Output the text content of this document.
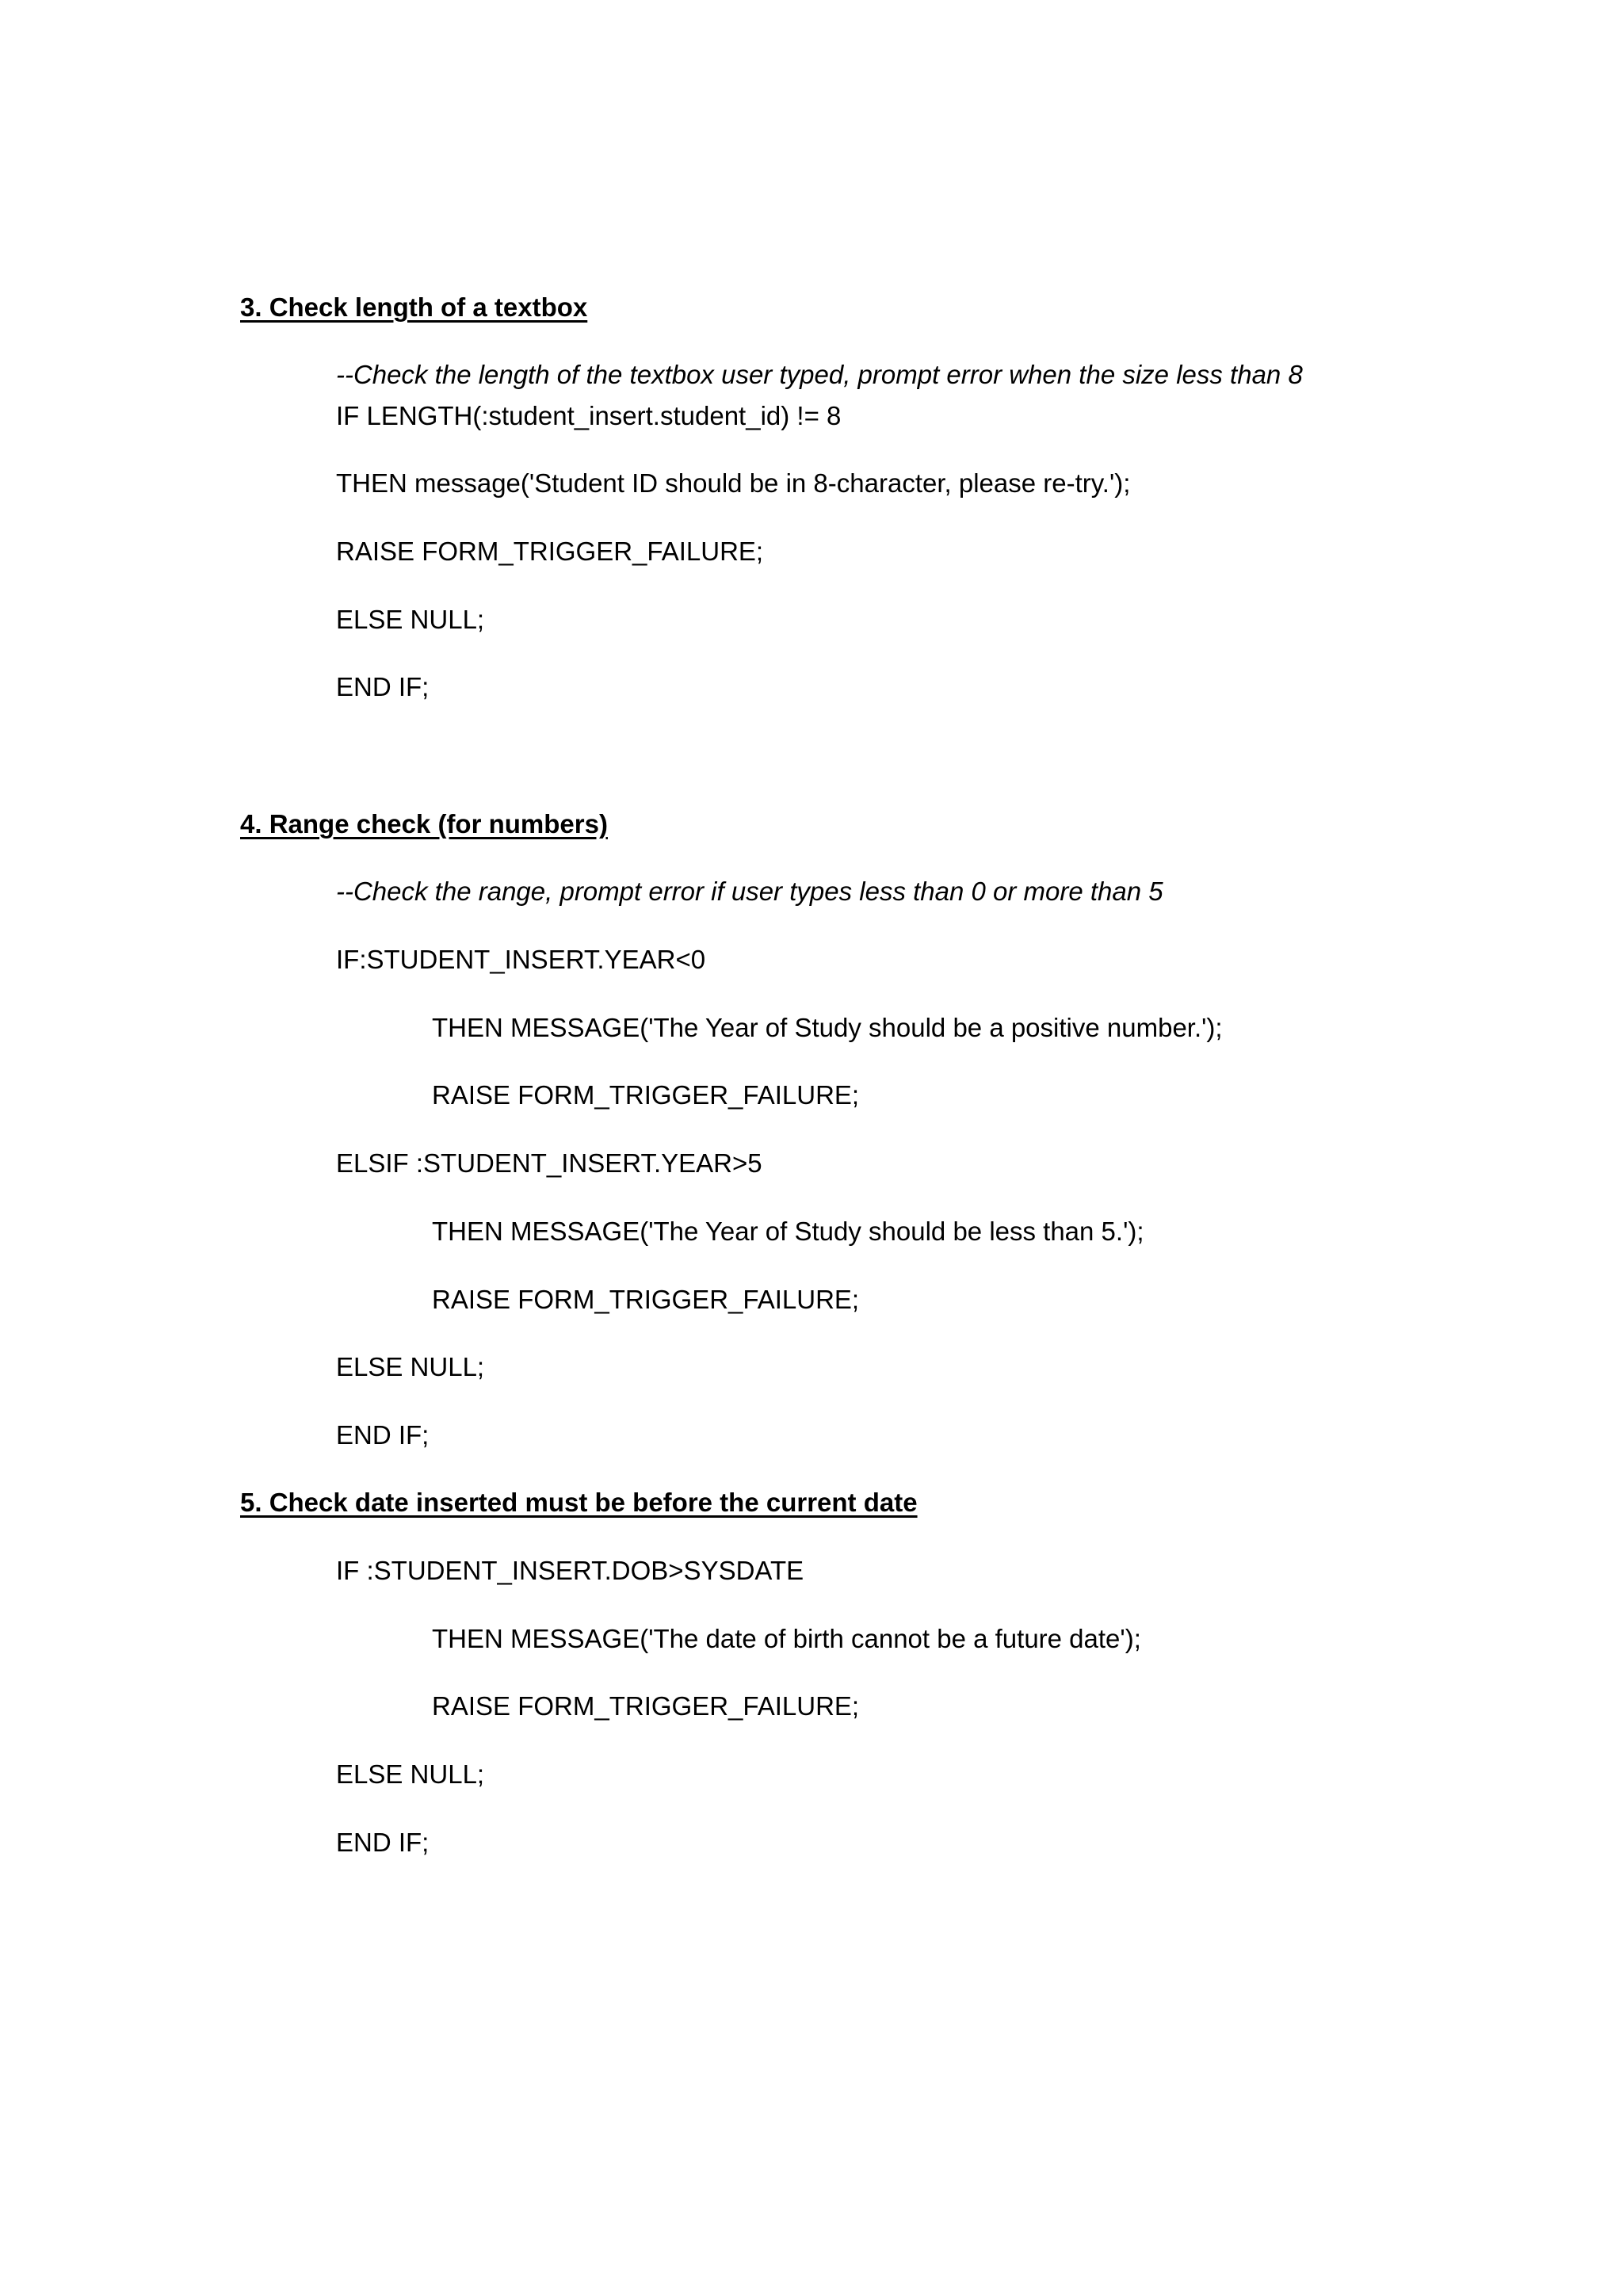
3. Check length of a textbox
--Check the length of the textbox user typed, prompt error when the size less than 8
IF LENGTH(:student_insert.student_id) != 8
THEN message('Student ID should be in 8-character, please re-try.');
RAISE FORM_TRIGGER_FAILURE;
ELSE NULL;
END IF;
4. Range check (for numbers)
--Check the range, prompt error if user types less than 0 or more than 5
IF:STUDENT_INSERT.YEAR<0
THEN MESSAGE('The Year of Study should be a positive number.');
RAISE FORM_TRIGGER_FAILURE;
ELSIF :STUDENT_INSERT.YEAR>5
THEN MESSAGE('The Year of Study should be less than 5.');
RAISE FORM_TRIGGER_FAILURE;
ELSE NULL;
END IF;
5. Check date inserted must be before the current date
IF :STUDENT_INSERT.DOB>SYSDATE
THEN MESSAGE('The date of birth cannot be a future date');
RAISE FORM_TRIGGER_FAILURE;
ELSE NULL;
END IF;
